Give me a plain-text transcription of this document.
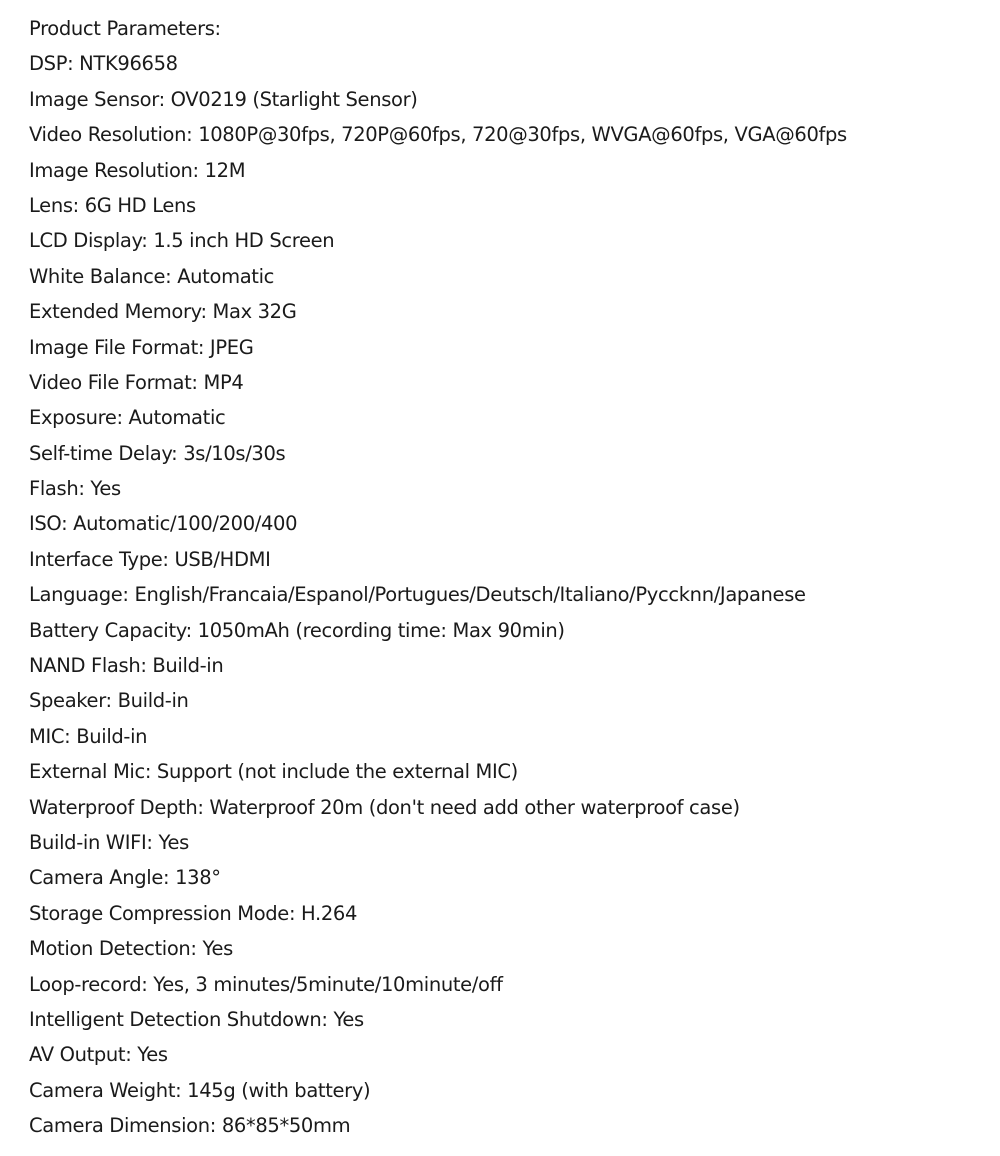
Product Parameters:
DSP: NTK96658
Image Sensor: OV0219 (Starlight Sensor)
Video Resolution: 1080P@30fps, 720P@60fps, 720@30fps, WVGA@60fps, VGA@60fps
Image Resolution: 12M
Lens: 6G HD Lens
LCD Display: 1.5 inch HD Screen
White Balance: Automatic
Extended Memory: Max 32G
Image File Format: JPEG
Video File Format: MP4
Exposure: Automatic
Self-time Delay: 3s/10s/30s
Flash: Yes
ISO: Automatic/100/200/400
Interface Type: USB/HDMI
Language: English/Francaia/Espanol/Portugues/Deutsch/Italiano/Pyccknn/Japanese
Battery Capacity: 1050mAh (recording time: Max 90min)
NAND Flash: Build-in
Speaker: Build-in
MIC: Build-in
External Mic: Support (not include the external MIC)
Waterproof Depth: Waterproof 20m (don't need add other waterproof case)
Build-in WIFI: Yes
Camera Angle: 138°
Storage Compression Mode: H.264
Motion Detection: Yes
Loop-record: Yes, 3 minutes/5minute/10minute/off
Intelligent Detection Shutdown: Yes
AV Output: Yes
Camera Weight: 145g (with battery)
Camera Dimension: 86*85*50mm
